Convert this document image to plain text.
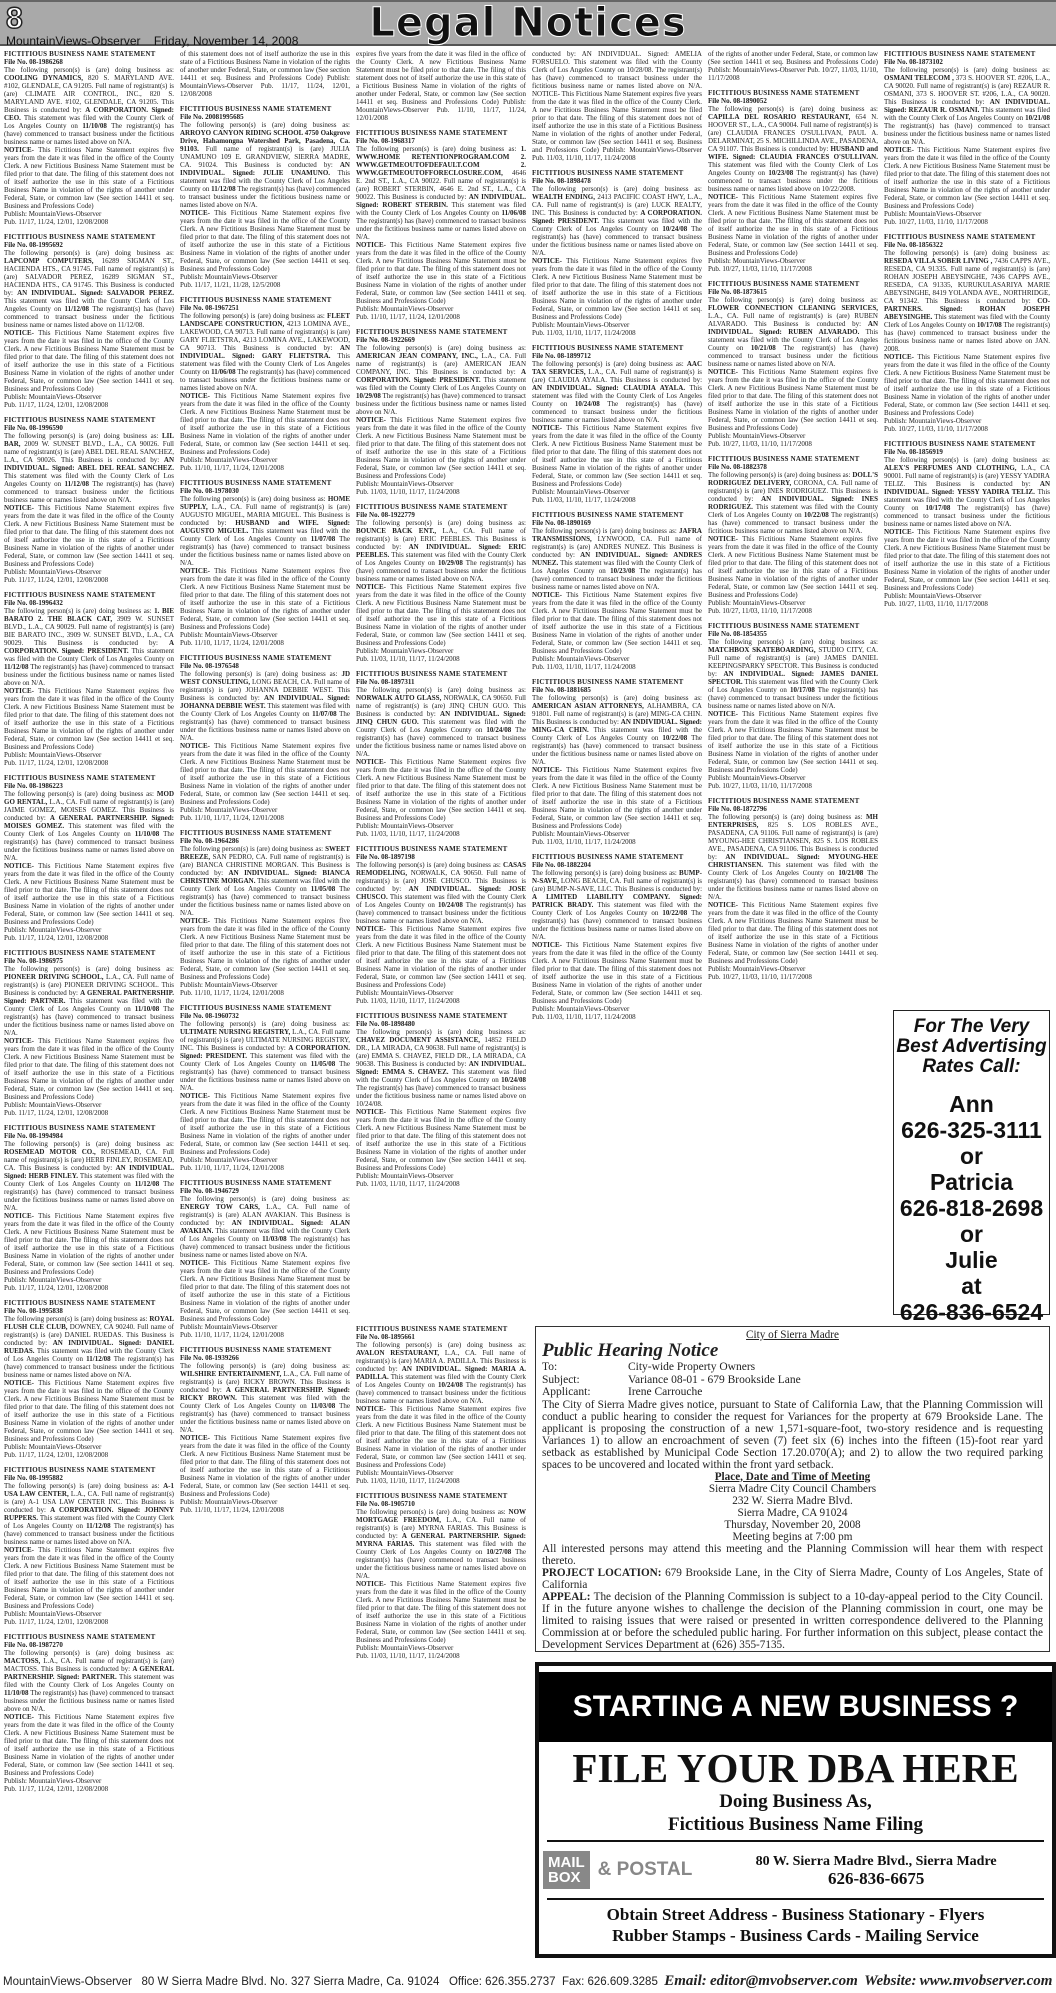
8	Legal Notices
MountainViews-Observer Friday, November 14, 2008
FICTITIOUS BUSINESS NAME STATEMENT
File No. 08-1986268

The following person(s) is (are) doing business as: COOLING DYNAMICS, 820 S. MARYLAND AVE. #102, GLENDALE, CA 91205. Full name of registrant(s) is (are) CLIMATE AIR CONTROL, INC., 820 S. MARYLAND AVE. #102, GLENDALE, CA 91205. This Business is conducted by: A CORPORATION. Signed: CEO. This statement was filed with the County Clerk of Los Angeles County on 11/10/08 The registrant(s) has (have) commenced to transact business under the fictitious business name or names listed above on N/A.

NOTICE- This Fictitious Name Statement expires five years from the date it was filed in the office of the County Clerk. A new Fictitious Business Name Statement must be filed prior to that date. The filing of this statement does not of itself authorize the use in this state of a Fictitious Business Name in violation of the rights of another under Federal, State, or common law (See section 14411 et seq. Business and Professions Code)

Publish: MountainViews-Observer
Pub. 11/17, 11/24, 12/01, 12/08/2008
FICTITIOUS BUSINESS NAME STATEMENT
File No. 08-1995692

The following person(s) is (are) doing business as: LAPCOMP COMPUTERS, 16289 SIGMAN ST., HACIENDA HTS., CA 91745. Full name of registrant(s) is (are) SALVADOR PEREZ, 16289 SIGMAN ST., HACIENDA HTS., CA 91745. This Business is conducted by: AN INDIVIDUAL. Signed: SALVADOR PEREZ. This statement was filed with the County Clerk of Los Angeles County on 11/12/08 The registrant(s) has (have) commenced to transact business under the fictitious business name or names listed above on 11/12/08.

NOTICE- This Fictitious Name Statement expires five years from the date it was filed in the office of the County Clerk. A new Fictitious Business Name Statement must be filed prior to that date. The filing of this statement does not of itself authorize the use in this state of a Fictitious Business Name in violation of the rights of another under Federal, State, or common law (See section 14411 et seq. Business and Professions Code)

Publish: MountainViews-Observer
Pub. 11/17, 11/24, 12/01, 12/08/2008
FICTITIOUS BUSINESS NAME STATEMENT
File No. 08-1996590

The following person(s) is (are) doing business as: LIL BAR, 2009 W. SUNSET BLVD., L.A., CA 90026. Full name of registrant(s) is (are) ABEL DEL REAL SANCHEZ, L.A., CA 90026. This Business is conducted by: AN INDIVIDUAL. Signed: ABEL DEL REAL SANCHEZ. This statement was filed with the County Clerk of Los Angeles County on 11/12/08 The registrant(s) has (have) commenced to transact business under the fictitious business name or names listed above on N/A.

NOTICE- This Fictitious Name Statement expires five years from the date it was filed in the office of the County Clerk. A new Fictitious Business Name Statement must be filed prior to that date. The filing of this statement does not of itself authorize the use in this state of a Fictitious Business Name in violation of the rights of another under Federal, State, or common law (See section 14411 et seq. Business and Professions Code)

Publish: MountainViews-Observer
Pub. 11/17, 11/24, 12/01, 12/08/2008
FICTITIOUS BUSINESS NAME STATEMENT
File No. 08-1996432

The following person(s) is (are) doing business as: 1. BIE BARATO 2. THE BLACK CAT, 3909 W. SUNSET BLVD., L.A., CA 90029. Full name of registrant(s) is (are) BIE BARATO INC., 3909 W. SUNSET BLVD., L.A., CA 90029. This Business is conducted by: A CORPORATION. Signed: PRESIDENT. This statement was filed with the County Clerk of Los Angeles County on 11/12/08 The registrant(s) has (have) commenced to transact business under the fictitious business name or names listed above on N/A.

NOTICE- This Fictitious Name Statement expires five years from the date it was filed in the office of the County Clerk. A new Fictitious Business Name Statement must be filed prior to that date. The filing of this statement does not of itself authorize the use in this state of a Fictitious Business Name in violation of the rights of another under Federal, State, or common law (See section 14411 et seq. Business and Professions Code)

Publish: MountainViews-Observer
Pub. 11/17, 11/24, 12/01, 12/08/2008
FICTITIOUS BUSINESS NAME STATEMENT
File No. 08-1986223

The following person(s) is (are) doing business as: MOD GO RENTAL, L.A., CA. Full name of registrant(s) is (are) JAIME GOMEZ, MOISES GOMEZ. This Business is conducted by: A GENERAL PARTNERSHIP. Signed: MOISES GOMEZ. This statement was filed with the County Clerk of Los Angeles County on 11/10/08 The registrant(s) has (have) commenced to transact business under the fictitious business name or names listed above on N/A.

NOTICE- This Fictitious Name Statement expires five years from the date it was filed in the office of the County Clerk. A new Fictitious Business Name Statement must be filed prior to that date. The filing of this statement does not of itself authorize the use in this state of a Fictitious Business Name in violation of the rights of another under Federal, State, or common law (See section 14411 et seq. Business and Professions Code)

Publish: MountainViews-Observer
Pub. 11/17, 11/24, 12/01, 12/08/2008
FICTITIOUS BUSINESS NAME STATEMENT
File No. 08-1986975

The following person(s) is (are) doing business as: PIONEER DRIVING SCHOOL, L.A., CA. Full name of registrant(s) is (are) PIONEER DRIVING SCHOOL. This Business is conducted by: A GENERAL PARTNERSHIP. Signed: PARTNER. This statement was filed with the County Clerk of Los Angeles County on 11/10/08 The registrant(s) has (have) commenced to transact business under the fictitious business name or names listed above on N/A.

NOTICE- This Fictitious Name Statement expires five years from the date it was filed in the office of the County Clerk. A new Fictitious Business Name Statement must be filed prior to that date. The filing of this statement does not of itself authorize the use in this state of a Fictitious Business Name in violation of the rights of another under Federal, State, or common law (See section 14411 et seq. Business and Professions Code)

Publish: MountainViews-Observer
Pub. 11/17, 11/24, 12/01, 12/08/2008
FICTITIOUS BUSINESS NAME STATEMENT
File No. 08-1994984

The following person(s) is (are) doing business as: ROSEMEAD MOTOR CO., ROSEMEAD, CA. Full name of registrant(s) is (are) HERB FINLEY, ROSEMEAD, CA. This Business is conducted by: AN INDIVIDUAL. Signed: HERB FINLEY. This statement was filed with the County Clerk of Los Angeles County on 11/12/08 The registrant(s) has (have) commenced to transact business under the fictitious business name or names listed above on N/A.

NOTICE- This Fictitious Name Statement expires five years from the date it was filed in the office of the County Clerk. A new Fictitious Business Name Statement must be filed prior to that date. The filing of this statement does not of itself authorize the use in this state of a Fictitious Business Name in violation of the rights of another under Federal, State, or common law (See section 14411 et seq. Business and Professions Code)

Publish: MountainViews-Observer
Pub. 11/17, 11/24, 12/01, 12/08/2008
FICTITIOUS BUSINESS NAME STATEMENT
File No. 08-1995838

The following person(s) is (are) doing business as: ROYAL FLUSH CLE CLUB, DOWNEY, CA 90240. Full name of registrant(s) is (are) DANIEL RUEDAS. This Business is conducted by: AN INDIVIDUAL. Signed: DANIEL RUEDAS. This statement was filed with the County Clerk of Los Angeles County on 11/12/08 The registrant(s) has (have) commenced to transact business under the fictitious business name or names listed above on N/A.

NOTICE- This Fictitious Name Statement expires five years from the date it was filed in the office of the County Clerk. A new Fictitious Business Name Statement must be filed prior to that date. The filing of this statement does not of itself authorize the use in this state of a Fictitious Business Name in violation of the rights of another under Federal, State, or common law (See section 14411 et seq. Business and Professions Code)

Publish: MountainViews-Observer
Pub. 11/17, 11/24, 12/01, 12/08/2008
FICTITIOUS BUSINESS NAME STATEMENT
File No. 08-1995882

The following person(s) is (are) doing business as: A-1 USA LAW CENTER, L.A., CA. Full name of registrant(s) is (are) A-1 USA LAW CENTER INC. This Business is conducted by: A CORPORATION. Signed: JOHNNY RUPPERS. This statement was filed with the County Clerk of Los Angeles County on 11/12/08 The registrant(s) has (have) commenced to transact business under the fictitious business name or names listed above on N/A.

NOTICE- This Fictitious Name Statement expires five years from the date it was filed in the office of the County Clerk. A new Fictitious Business Name Statement must be filed prior to that date. The filing of this statement does not of itself authorize the use in this state of a Fictitious Business Name in violation of the rights of another under Federal, State, or common law (See section 14411 et seq. Business and Professions Code)

Publish: MountainViews-Observer
Pub. 11/17, 11/24, 12/01, 12/08/2008
FICTITIOUS BUSINESS NAME STATEMENT
File No. 08-1987270

The following person(s) is (are) doing business as: MACTOSS, L.A., CA. Full name of registrant(s) is (are) MACTOSS. This Business is conducted by: A GENERAL PARTNERSHIP. Signed: PARTNER. This statement was filed with the County Clerk of Los Angeles County on 11/10/08 The registrant(s) has (have) commenced to transact business under the fictitious business name or names listed above on N/A.

NOTICE- This Fictitious Name Statement expires five years from the date it was filed in the office of the County Clerk. A new Fictitious Business Name Statement must be filed prior to that date. The filing of this statement does not of itself authorize the use in this state of a Fictitious Business Name in violation of the rights of another under Federal, State, or common law (See section 14411 et seq. Business and Professions Code)

Publish: MountainViews-Observer
Pub. 11/17, 11/24, 12/01, 12/08/2008

of this statement does not of itself authorize the use in this state of a Fictitious Business Name in violation of the rights of another under Federal, State, or common law (See section 14411 et seq. Business and Professions Code) Publish: MountainViews-Observer Pub. 11/17, 11/24, 12/01, 12/08/2008

FICTITIOUS BUSINESS NAME STATEMENT
File No. 20081995685

The following person(s) is (are) doing business as: ARROYO CANYON RIDING SCHOOL 4750 Oakgrove Drive, Hahamongna Watershed Park, Pasadena, Ca. 91103. Full name of registrant(s) is (are) JULIA UNAMUNO 109 E. GRANDVIEW, SIERRA MADRE, CA. 91024. This Business is conducted by: AN INDIVIDUAL. Signed: JULIE UNAMUNO. This statement was filed with the County Clerk of Los Angeles County on 11/12/08 The registrant(s) has (have) commenced to transact business under the fictitious business name or names listed above on N/A.

NOTICE- This Fictitious Name Statement expires five years from the date it was filed in the office of the County Clerk. A new Fictitious Business Name Statement must be filed prior to that date. The filing of this statement does not of itself authorize the use in this state of a Fictitious Business Name in violation of the rights of another under Federal, State, or common law (See section 14411 et seq. Business and Professions Code)

Publish: MountainViews-Observer
Pub. 11/17, 11/21, 11/28, 12/5/2008
FICTITIOUS BUSINESS NAME STATEMENT
File No. 08-1967251

The following person(s) is (are) doing business as: FLEET LANDSCAPE CONSTRUCTION, 4213 LOMINA AVE., LAKEWOOD, CA 90713. Full name of registrant(s) is (are) GARY FLIETSTRA, 4213 LOMINA AVE., LAKEWOOD, CA 90713. This Business is conducted by: AN INDIVIDUAL. Signed: GARY FLIETSTRA. This statement was filed with the County Clerk of Los Angeles County on 11/06/08 The registrant(s) has (have) commenced to transact business under the fictitious business name or names listed above on N/A.

NOTICE- This Fictitious Name Statement expires five years from the date it was filed in the office of the County Clerk. A new Fictitious Business Name Statement must be filed prior to that date. The filing of this statement does not of itself authorize the use in this state of a Fictitious Business Name in violation of the rights of another under Federal, State, or common law (See section 14411 et seq. Business and Professions Code)

Publish: MountainViews-Observer
Pub. 11/10, 11/17, 11/24, 12/01/2008
FICTITIOUS BUSINESS NAME STATEMENT
File No. 08-1978030

The following person(s) is (are) doing business as: HOME SUPPLY, L.A., CA. Full name of registrant(s) is (are) AUGUSTO MIGUEL, MARIA MIGUEL. This Business is conducted by: HUSBAND and WIFE. Signed: AUGUSTO MIGUEL. This statement was filed with the County Clerk of Los Angeles County on 11/07/08 The registrant(s) has (have) commenced to transact business under the fictitious business name or names listed above on N/A.

NOTICE- This Fictitious Name Statement expires five years from the date it was filed in the office of the County Clerk. A new Fictitious Business Name Statement must be filed prior to that date. The filing of this statement does not of itself authorize the use in this state of a Fictitious Business Name in violation of the rights of another under Federal, State, or common law (See section 14411 et seq. Business and Professions Code)

Publish: MountainViews-Observer
Pub. 11/10, 11/17, 11/24, 12/01/2008
FICTITIOUS BUSINESS NAME STATEMENT
File No. 08-1976548

The following person(s) is (are) doing business as: JD WEST CONSULTING, LONG BEACH, CA. Full name of registrant(s) is (are) JOHANNA DEBBIE WEST. This Business is conducted by: AN INDIVIDUAL. Signed: JOHANNA DEBBIE WEST. This statement was filed with the County Clerk of Los Angeles County on 11/07/08 The registrant(s) has (have) commenced to transact business under the fictitious business name or names listed above on N/A.

NOTICE- This Fictitious Name Statement expires five years from the date it was filed in the office of the County Clerk. A new Fictitious Business Name Statement must be filed prior to that date. The filing of this statement does not of itself authorize the use in this state of a Fictitious Business Name in violation of the rights of another under Federal, State, or common law (See section 14411 et seq. Business and Professions Code)

Publish: MountainViews-Observer
Pub. 11/10, 11/17, 11/24, 12/01/2008
FICTITIOUS BUSINESS NAME STATEMENT
File No. 08-1964286

The following person(s) is (are) doing business as: SWEET BREEZE, SAN PEDRO, CA. Full name of registrant(s) is (are) BIANCA CHRISTINE MORGAN. This Business is conducted by: AN INDIVIDUAL. Signed: BIANCA CHRISTINE MORGAN. This statement was filed with the County Clerk of Los Angeles County on 11/05/08 The registrant(s) has (have) commenced to transact business under the fictitious business name or names listed above on N/A.

NOTICE- This Fictitious Name Statement expires five years from the date it was filed in the office of the County Clerk. A new Fictitious Business Name Statement must be filed prior to that date. The filing of this statement does not of itself authorize the use in this state of a Fictitious Business Name in violation of the rights of another under Federal, State, or common law (See section 14411 et seq. Business and Professions Code)

Publish: MountainViews-Observer
Pub. 11/10, 11/17, 11/24, 12/01/2008
FICTITIOUS BUSINESS NAME STATEMENT
File No. 08-1960732

The following person(s) is (are) doing business as: ULTIMATE NURSING REGISTRY, L.A., CA. Full name of registrant(s) is (are) ULTIMATE NURSING REGISTRY, INC. This Business is conducted by: A CORPORATION. Signed: PRESIDENT. This statement was filed with the County Clerk of Los Angeles County on 11/05/08 The registrant(s) has (have) commenced to transact business under the fictitious business name or names listed above on N/A.

NOTICE- This Fictitious Name Statement expires five years from the date it was filed in the office of the County Clerk. A new Fictitious Business Name Statement must be filed prior to that date. The filing of this statement does not of itself authorize the use in this state of a Fictitious Business Name in violation of the rights of another under Federal, State, or common law (See section 14411 et seq. Business and Professions Code)

Publish: MountainViews-Observer
Pub. 11/10, 11/17, 11/24, 12/01/2008
FICTITIOUS BUSINESS NAME STATEMENT
File No. 08-1946729

The following person(s) is (are) doing business as: ENERGY TOW CARS, L.A., CA. Full name of registrant(s) is (are) ALAN AVAKIAN. This Business is conducted by: AN INDIVIDUAL. Signed: ALAN AVAKIAN. This statement was filed with the County Clerk of Los Angeles County on 11/03/08 The registrant(s) has (have) commenced to transact business under the fictitious business name or names listed above on N/A.

NOTICE- This Fictitious Name Statement expires five years from the date it was filed in the office of the County Clerk. A new Fictitious Business Name Statement must be filed prior to that date. The filing of this statement does not of itself authorize the use in this state of a Fictitious Business Name in violation of the rights of another under Federal, State, or common law (See section 14411 et seq. Business and Professions Code)

Publish: MountainViews-Observer
Pub. 11/10, 11/17, 11/24, 12/01/2008
FICTITIOUS BUSINESS NAME STATEMENT
File No. 08-1939266

The following person(s) is (are) doing business as: WILSHIRE ENTERTAINMENT, L.A., CA. Full name of registrant(s) is (are) RICKY BROWN. This Business is conducted by: A GENERAL PARTNERSHIP. Signed: RICKY BROWN. This statement was filed with the County Clerk of Los Angeles County on 11/03/08 The registrant(s) has (have) commenced to transact business under the fictitious business name or names listed above on N/A.

NOTICE- This Fictitious Name Statement expires five years from the date it was filed in the office of the County Clerk. A new Fictitious Business Name Statement must be filed prior to that date. The filing of this statement does not of itself authorize the use in this state of a Fictitious Business Name in violation of the rights of another under Federal, State, or common law (See section 14411 et seq. Business and Professions Code)

Publish: MountainViews-Observer
Pub. 11/10, 11/17, 11/24, 12/01/2008

expires five years from the date it was filed in the office of the County Clerk. A new Fictitious Business Name Statement must be filed prior to that date. The filing of this statement does not of itself authorize the use in this state of a Fictitious Business Name in violation of the rights of another under Federal, State, or common law (See section 14411 et seq. Business and Professions Code) Publish: MountainViews-Observer Pub. 11/10, 11/17, 11/24, 12/01/2008

FICTITIOUS BUSINESS NAME STATEMENT
File No. 08-1968317

The following person(s) is (are) doing business as: 1. WWW.HOME RETENTIONPROGRAM.COM 2. WWW.GETMEOUTOFDEFAULT.COM 2. WWW.GETMEOUTOFFORECLOSURE.COM, 4646 E. 2nd ST., L.A., CA 90022. Full name of registrant(s) is (are) ROBERT STERBIN, 4646 E. 2nd ST., L.A., CA 90022. This Business is conducted by: AN INDIVIDUAL. Signed: ROBERT STERBIN. This statement was filed with the County Clerk of Los Angeles County on 11/06/08 The registrant(s) has (have) commenced to transact business under the fictitious business name or names listed above on N/A.

NOTICE- This Fictitious Name Statement expires five years from the date it was filed in the office of the County Clerk. A new Fictitious Business Name Statement must be filed prior to that date. The filing of this statement does not of itself authorize the use in this state of a Fictitious Business Name in violation of the rights of another under Federal, State, or common law (See section 14411 et seq. Business and Professions Code)

Publish: MountainViews-Observer
Pub. 11/10, 11/17, 11/24, 12/01/2008
FICTITIOUS BUSINESS NAME STATEMENT
File No. 08-1922669

The following person(s) is (are) doing business as: AMERICAN JEAN COMPANY, INC., L.A., CA. Full name of registrant(s) is (are) AMERICAN JEAN COMPANY, INC. This Business is conducted by: A CORPORATION. Signed: PRESIDENT. This statement was filed with the County Clerk of Los Angeles County on 10/29/08 The registrant(s) has (have) commenced to transact business under the fictitious business name or names listed above on N/A.

NOTICE- This Fictitious Name Statement expires five years from the date it was filed in the office of the County Clerk. A new Fictitious Business Name Statement must be filed prior to that date. The filing of this statement does not of itself authorize the use in this state of a Fictitious Business Name in violation of the rights of another under Federal, State, or common law (See section 14411 et seq. Business and Professions Code)

Publish: MountainViews-Observer
Pub. 11/03, 11/10, 11/17, 11/24/2008
FICTITIOUS BUSINESS NAME STATEMENT
File No. 08-1922779

The following person(s) is (are) doing business as: BOUNCE BACK ENT., L.A., CA. Full name of registrant(s) is (are) ERIC PEEBLES. This Business is conducted by: AN INDIVIDUAL. Signed: ERIC PEEBLES. This statement was filed with the County Clerk of Los Angeles County on 10/29/08 The registrant(s) has (have) commenced to transact business under the fictitious business name or names listed above on N/A.

NOTICE- This Fictitious Name Statement expires five years from the date it was filed in the office of the County Clerk. A new Fictitious Business Name Statement must be filed prior to that date. The filing of this statement does not of itself authorize the use in this state of a Fictitious Business Name in violation of the rights of another under Federal, State, or common law (See section 14411 et seq. Business and Professions Code)

Publish: MountainViews-Observer
Pub. 11/03, 11/10, 11/17, 11/24/2008
FICTITIOUS BUSINESS NAME STATEMENT
File No. 08-1897311

The following person(s) is (are) doing business as: NORWALK AUTO GLASS, NORWALK, CA 90650. Full name of registrant(s) is (are) JINQ CHUN GUO. This Business is conducted by: AN INDIVIDUAL. Signed: JINQ CHUN GUO. This statement was filed with the County Clerk of Los Angeles County on 10/24/08 The registrant(s) has (have) commenced to transact business under the fictitious business name or names listed above on N/A.

NOTICE- This Fictitious Name Statement expires five years from the date it was filed in the office of the County Clerk. A new Fictitious Business Name Statement must be filed prior to that date. The filing of this statement does not of itself authorize the use in this state of a Fictitious Business Name in violation of the rights of another under Federal, State, or common law (See section 14411 et seq. Business and Professions Code)

Publish: MountainViews-Observer
Pub. 11/03, 11/10, 11/17, 11/24/2008
FICTITIOUS BUSINESS NAME STATEMENT
File No. 08-1897198

The following person(s) is (are) doing business as: CASAS REMODELING, NORWALK, CA 90650. Full name of registrant(s) is (are) JOSE CHUSCO. This Business is conducted by: AN INDIVIDUAL. Signed: JOSE CHUSCO. This statement was filed with the County Clerk of Los Angeles County on 10/24/08 The registrant(s) has (have) commenced to transact business under the fictitious business name or names listed above on N/A.

NOTICE- This Fictitious Name Statement expires five years from the date it was filed in the office of the County Clerk. A new Fictitious Business Name Statement must be filed prior to that date. The filing of this statement does not of itself authorize the use in this state of a Fictitious Business Name in violation of the rights of another under Federal, State, or common law (See section 14411 et seq. Business and Professions Code)

Publish: MountainViews-Observer
Pub. 11/03, 11/10, 11/17, 11/24/2008
FICTITIOUS BUSINESS NAME STATEMENT
File No. 08-1898480

The following person(s) is (are) doing business as: CHAVEZ DOCUMENT ASSISTANCE, 14852 FIELD DR., LA MIRADA, CA 90638. Full name of registrant(s) is (are) EMMA S. CHAVEZ, FIELD DR., LA MIRADA, CA 90638. This Business is conducted by: AN INDIVIDUAL. Signed: EMMA S. CHAVEZ. This statement was filed with the County Clerk of Los Angeles County on 10/24/08 The registrant(s) has (have) commenced to transact business under the fictitious business name or names listed above on 10/24/08.

NOTICE- This Fictitious Name Statement expires five years from the date it was filed in the office of the County Clerk. A new Fictitious Business Name Statement must be filed prior to that date. The filing of this statement does not of itself authorize the use in this state of a Fictitious Business Name in violation of the rights of another under Federal, State, or common law (See section 14411 et seq. Business and Professions Code)

Publish: MountainViews-Observer
Pub. 11/03, 11/10, 11/17, 11/24/2008

conducted by: AN INDIVIDUAL. Signed: AMELIA FORSUELO. This statement was filed with the County Clerk of Los Angeles County on 10/28/08. The registrant(s) has (have) commenced to transact business under the fictitious business name or names listed above on N/A. NOTICE- This Fictitious Name Statement expires five years from the date it was filed in the office of the County Clerk. A new Fictitious Business Name Statement must be filed prior to that date. The filing of this statement does not of itself authorize the use in this state of a Fictitious Business Name in violation of the rights of another under Federal, State, or common law (See section 14411 et seq. Business and Professions Code) Publish: MountainViews-Observer Pub. 11/03, 11/10, 11/17, 11/24/2008

FICTITIOUS BUSINESS NAME STATEMENT
File No. 08-1898478

The following person(s) is (are) doing business as: WEALTH ENDING, 2413 PACIFIC COAST HWY, L.A., CA. Full name of registrant(s) is (are) LUCK REALTY, INC. This Business is conducted by: A CORPORATION. Signed: PRESIDENT. This statement was filed with the County Clerk of Los Angeles County on 10/24/08 The registrant(s) has (have) commenced to transact business under the fictitious business name or names listed above on N/A.

NOTICE- This Fictitious Name Statement expires five years from the date it was filed in the office of the County Clerk. A new Fictitious Business Name Statement must be filed prior to that date. The filing of this statement does not of itself authorize the use in this state of a Fictitious Business Name in violation of the rights of another under Federal, State, or common law (See section 14411 et seq. Business and Professions Code)

Publish: MountainViews-Observer
Pub. 11/03, 11/10, 11/17, 11/24/2008
FICTITIOUS BUSINESS NAME STATEMENT
File No. 08-1899712

The following person(s) is (are) doing business as: AAC TAX SERVICES, L.A., CA. Full name of registrant(s) is (are) CLAUDIA AYALA. This Business is conducted by: AN INDIVIDUAL. Signed: CLAUDIA AYALA. This statement was filed with the County Clerk of Los Angeles County on 10/24/08 The registrant(s) has (have) commenced to transact business under the fictitious business name or names listed above on N/A.

NOTICE- This Fictitious Name Statement expires five years from the date it was filed in the office of the County Clerk. A new Fictitious Business Name Statement must be filed prior to that date. The filing of this statement does not of itself authorize the use in this state of a Fictitious Business Name in violation of the rights of another under Federal, State, or common law (See section 14411 et seq. Business and Professions Code)

Publish: MountainViews-Observer
Pub. 11/03, 11/10, 11/17, 11/24/2008
FICTITIOUS BUSINESS NAME STATEMENT
File No. 08-1890169

The following person(s) is (are) doing business as: JAFRA TRANSMISSIONS, LYNWOOD, CA. Full name of registrant(s) is (are) ANDRES NUNEZ. This Business is conducted by: AN INDIVIDUAL. Signed: ANDRES NUNEZ. This statement was filed with the County Clerk of Los Angeles County on 10/23/08 The registrant(s) has (have) commenced to transact business under the fictitious business name or names listed above on N/A.

NOTICE- This Fictitious Name Statement expires five years from the date it was filed in the office of the County Clerk. A new Fictitious Business Name Statement must be filed prior to that date. The filing of this statement does not of itself authorize the use in this state of a Fictitious Business Name in violation of the rights of another under Federal, State, or common law (See section 14411 et seq. Business and Professions Code)

Publish: MountainViews-Observer
Pub. 11/03, 11/10, 11/17, 11/24/2008
FICTITIOUS BUSINESS NAME STATEMENT
File No. 08-1881685

The following person(s) is (are) doing business as: AMERICAN ASIAN ATTORNEYS, ALHAMBRA, CA 91801. Full name of registrant(s) is (are) MING-CA CHIN. This Business is conducted by: AN INDIVIDUAL. Signed: MING-CA CHIN. This statement was filed with the County Clerk of Los Angeles County on 10/22/08 The registrant(s) has (have) commenced to transact business under the fictitious business name or names listed above on N/A.

NOTICE- This Fictitious Name Statement expires five years from the date it was filed in the office of the County Clerk. A new Fictitious Business Name Statement must be filed prior to that date. The filing of this statement does not of itself authorize the use in this state of a Fictitious Business Name in violation of the rights of another under Federal, State, or common law (See section 14411 et seq. Business and Professions Code)

Publish: MountainViews-Observer
Pub. 11/03, 11/10, 11/17, 11/24/2008
FICTITIOUS BUSINESS NAME STATEMENT
File No. 08-1882204

The following person(s) is (are) doing business as: BUMP-N-SAVE, LONG BEACH, CA. Full name of registrant(s) is (are) BUMP-N-SAVE, LLC. This Business is conducted by: A LIMITED LIABILITY COMPANY. Signed: PATRICK BRADY. This statement was filed with the County Clerk of Los Angeles County on 10/22/08 The registrant(s) has (have) commenced to transact business under the fictitious business name or names listed above on N/A.

NOTICE- This Fictitious Name Statement expires five years from the date it was filed in the office of the County Clerk. A new Fictitious Business Name Statement must be filed prior to that date. The filing of this statement does not of itself authorize the use in this state of a Fictitious Business Name in violation of the rights of another under Federal, State, or common law (See section 14411 et seq. Business and Professions Code)

Publish: MountainViews-Observer
Pub. 11/03, 11/10, 11/17, 11/24/2008

of the rights of another under Federal, State, or common law (See section 14411 et seq. Business and Professions Code) Publish: MountainViews-Observer Pub. 10/27, 11/03, 11/10, 11/17/2008

FICTITIOUS BUSINESS NAME STATEMENT
File No. 08-1890052

The following person(s) is (are) doing business as: CAPILLA DEL ROSARIO RESTAURANT, 654 N. HOOVER ST., L.A., CA 90004. Full name of registrant(s) is (are) CLAUDIA FRANCES O'SULLIVAN, PAUL A. DELARMINAT, 25 S. MICHILLINDA AVE., PASADENA, CA 91107. This Business is conducted by: HUSBAND and WIFE. Signed: CLAUDIA FRANCES O'SULLIVAN. This statement was filed with the County Clerk of Los Angeles County on 10/23/08 The registrant(s) has (have) commenced to transact business under the fictitious business name or names listed above on 10/22/2008.

NOTICE- This Fictitious Name Statement expires five years from the date it was filed in the office of the County Clerk. A new Fictitious Business Name Statement must be filed prior to that date. The filing of this statement does not of itself authorize the use in this state of a Fictitious Business Name in violation of the rights of another under Federal, State, or common law (See section 14411 et seq. Business and Professions Code)

Publish: MountainViews-Observer
Pub. 10/27, 11/03, 11/10, 11/17/2008
FICTITIOUS BUSINESS NAME STATEMENT
File No. 08-1873615

The following person(s) is (are) doing business as: FLOWER CONNECTION CLEANING SERVICES, L.A., CA. Full name of registrant(s) is (are) RUBEN ALVARADO. This Business is conducted by: AN INDIVIDUAL. Signed: RUBEN ALVARADO. This statement was filed with the County Clerk of Los Angeles County on 10/21/08 The registrant(s) has (have) commenced to transact business under the fictitious business name or names listed above on N/A.

NOTICE- This Fictitious Name Statement expires five years from the date it was filed in the office of the County Clerk. A new Fictitious Business Name Statement must be filed prior to that date. The filing of this statement does not of itself authorize the use in this state of a Fictitious Business Name in violation of the rights of another under Federal, State, or common law (See section 14411 et seq. Business and Professions Code)

Publish: MountainViews-Observer
Pub. 10/27, 11/03, 11/10, 11/17/2008
FICTITIOUS BUSINESS NAME STATEMENT
File No. 08-1882378

The following person(s) is (are) doing business as: DOLL'S RODRIGUEZ DELIVERY, CORONA, CA. Full name of registrant(s) is (are) INES RODRIGUEZ. This Business is conducted by: AN INDIVIDUAL. Signed: INES RODRIGUEZ. This statement was filed with the County Clerk of Los Angeles County on 10/22/08 The registrant(s) has (have) commenced to transact business under the fictitious business name or names listed above on N/A.

NOTICE- This Fictitious Name Statement expires five years from the date it was filed in the office of the County Clerk. A new Fictitious Business Name Statement must be filed prior to that date. The filing of this statement does not of itself authorize the use in this state of a Fictitious Business Name in violation of the rights of another under Federal, State, or common law (See section 14411 et seq. Business and Professions Code)

Publish: MountainViews-Observer
Pub. 10/27, 11/03, 11/10, 11/17/2008
FICTITIOUS BUSINESS NAME STATEMENT
File No. 08-1854355

The following person(s) is (are) doing business as: MATCHBOX SKATEBOARDING, STUDIO CITY, CA. Full name of registrant(s) is (are) JAMES DANIEL KEEPINGSPARKY SPECTOR. This Business is conducted by: AN INDIVIDUAL. Signed: JAMES DANIEL SPECTOR. This statement was filed with the County Clerk of Los Angeles County on 10/17/08 The registrant(s) has (have) commenced to transact business under the fictitious business name or names listed above on N/A.

NOTICE- This Fictitious Name Statement expires five years from the date it was filed in the office of the County Clerk. A new Fictitious Business Name Statement must be filed prior to that date. The filing of this statement does not of itself authorize the use in this state of a Fictitious Business Name in violation of the rights of another under Federal, State, or common law (See section 14411 et seq. Business and Professions Code)

Publish: MountainViews-Observer
Pub. 10/27, 11/03, 11/10, 11/17/2008
FICTITIOUS BUSINESS NAME STATEMENT
File No. 08-1872796

The following person(s) is (are) doing business as: MH ENTERPRISES, 825 S. LOS ROBLES AVE., PASADENA, CA 91106. Full name of registrant(s) is (are) MYOUNG-HEE CHRISTIANSEN, 825 S. LOS ROBLES AVE., PASADENA, CA 91106. This Business is conducted by: AN INDIVIDUAL. Signed: MYOUNG-HEE CHRISTIANSEN. This statement was filed with the County Clerk of Los Angeles County on 10/21/08 The registrant(s) has (have) commenced to transact business under the fictitious business name or names listed above on N/A.

NOTICE- This Fictitious Name Statement expires five years from the date it was filed in the office of the County Clerk. A new Fictitious Business Name Statement must be filed prior to that date. The filing of this statement does not of itself authorize the use in this state of a Fictitious Business Name in violation of the rights of another under Federal, State, or common law (See section 14411 et seq. Business and Professions Code)

Publish: MountainViews-Observer
Pub. 10/27, 11/03, 11/10, 11/17/2008
FICTITIOUS BUSINESS NAME STATEMENT
File No. 08-1873102

The following person(s) is (are) doing business as: OSMANI TELECOM , 373 S. HOOVER ST. #206, L.A., CA 90020. Full name of registrant(s) is (are) REZAUR R. OSMANI, 373 S. HOOVER ST. #206, L.A., CA 90020. This Business is conducted by: AN INDIVIDUAL. Signed: REZAUR R. OSMANI. This statement was filed with the County Clerk of Los Angeles County on 10/21/08 The registrant(s) has (have) commenced to transact business under the fictitious business name or names listed above on N/A.

NOTICE- This Fictitious Name Statement expires five years from the date it was filed in the office of the County Clerk. A new Fictitious Business Name Statement must be filed prior to that date. The filing of this statement does not of itself authorize the use in this state of a Fictitious Business Name in violation of the rights of another under Federal, State, or common law (See section 14411 et seq. Business and Professions Code)

Publish: MountainViews-Observer
Pub. 10/27, 11/03, 11/10, 11/17/2008
FICTITIOUS BUSINESS NAME STATEMENT
File No. 08-1856322

The following person(s) is (are) doing business as: RESEDA VILLA SOBER LIVING , 7436 CAPPS AVE., RESEDA, CA 91335. Full name of registrant(s) is (are) ROHAN JOSEPH ABEYSINGHE, 7436 CAPPS AVE., RESEDA, CA 91335, KURUKULASARIYA MARIE ABEYSINGHE, 8419 YOLANDA AVE., NORTHRIDGE, CA 91342. This Business is conducted by: CO-PARTNERS. Signed: ROHAN JOSEPH ABEYSINGHE. This statement was filed with the County Clerk of Los Angeles County on 10/17/08 The registrant(s) has (have) commenced to transact business under the fictitious business name or names listed above on JAN. 2008.

NOTICE- This Fictitious Name Statement expires five years from the date it was filed in the office of the County Clerk. A new Fictitious Business Name Statement must be filed prior to that date. The filing of this statement does not of itself authorize the use in this state of a Fictitious Business Name in violation of the rights of another under Federal, State, or common law (See section 14411 et seq. Business and Professions Code)

Publish: MountainViews-Observer
Pub. 10/27, 11/03, 11/10, 11/17/2008
FICTITIOUS BUSINESS NAME STATEMENT
File No. 08-1856919

The following person(s) is (are) doing business as: ALEX'S PERFUMES AND CLOTHING, L.A., CA 90001. Full name of registrant(s) is (are) YESSY YADIRA TELIZ. This Business is conducted by: AN INDIVIDUAL. Signed: YESSY YADIRA TELIZ. This statement was filed with the County Clerk of Los Angeles County on 10/17/08 The registrant(s) has (have) commenced to transact business under the fictitious business name or names listed above on N/A.

NOTICE- This Fictitious Name Statement expires five years from the date it was filed in the office of the County Clerk. A new Fictitious Business Name Statement must be filed prior to that date. The filing of this statement does not of itself authorize the use in this state of a Fictitious Business Name in violation of the rights of another under Federal, State, or common law (See section 14411 et seq. Business and Professions Code)

Publish: MountainViews-Observer
Pub. 10/27, 11/03, 11/10, 11/17/2008
FICTITIOUS BUSINESS NAME STATEMENT
File No. 08-1895661

The following person(s) is (are) doing business as: AVALON RESTAURANT, L.A., CA. Full name of registrant(s) is (are) MARIA A. PADILLA. This Business is conducted by: AN INDIVIDUAL. Signed: MARIA A. PADILLA. This statement was filed with the County Clerk of Los Angeles County on 10/24/08 The registrant(s) has (have) commenced to transact business under the fictitious business name or names listed above on N/A.

NOTICE- This Fictitious Name Statement expires five years from the date it was filed in the office of the County Clerk. A new Fictitious Business Name Statement must be filed prior to that date. The filing of this statement does not of itself authorize the use in this state of a Fictitious Business Name in violation of the rights of another under Federal, State, or common law (See section 14411 et seq. Business and Professions Code)

Publish: MountainViews-Observer
Pub. 11/03, 11/10, 11/17, 11/24/2008
FICTITIOUS BUSINESS NAME STATEMENT
File No. 08-1905710

The following person(s) is (are) doing business as: NOW MORTGAGE FREEDOM, L.A., CA. Full name of registrant(s) is (are) MYRNA FARIAS. This Business is conducted by: A GENERAL PARTNERSHIP. Signed: MYRNA FARIAS. This statement was filed with the County Clerk of Los Angeles County on 10/27/08 The registrant(s) has (have) commenced to transact business under the fictitious business name or names listed above on N/A.

NOTICE- This Fictitious Name Statement expires five years from the date it was filed in the office of the County Clerk. A new Fictitious Business Name Statement must be filed prior to that date. The filing of this statement does not of itself authorize the use in this state of a Fictitious Business Name in violation of the rights of another under Federal, State, or common law (See section 14411 et seq. Business and Professions Code)

Publish: MountainViews-Observer
Pub. 11/03, 11/10, 11/17, 11/24/2008
For The Very Best Advertising Rates Call:
Ann
626-325-3111
or
Patricia
626-818-2698
or
Julie
at
626-836-6524
City of Sierra Madre
Public Hearing Notice
To:	City-wide Property Owners
Subject:	Variance 08-01 - 679 Brookside Lane
Applicant:	Irene Carrouche

The City of Sierra Madre gives notice, pursuant to State of California Law, that the Planning Commission will conduct a public hearing to consider the request for Variances for the property at 679 Brookside Lane. The applicant is proposing the construction of a new 1,571-square-foot, two-story residence and is requesting Variances 1) to allow an encroachment of seven (7) feet six (6) inches into the fifteen (15)-foot rear yard setback as established by Municipal Code Section 17.20.070(A); and 2) to allow the two required parking spaces to be uncovered and located within the front yard setback.

Place, Date and Time of Meeting
Sierra Madre City Council Chambers
232 W. Sierra Madre Blvd.
Sierra Madre, CA 91024
Thursday, November 20, 2008
Meeting begins at 7:00 pm

All interested persons may attend this meeting and the Planning Commission will hear them with respect thereto.

PROJECT LOCATION: 679 Brookside Lane, in the City of Sierra Madre, County of Los Angeles, State of California

APPEAL: The decision of the Planning Commission is subject to a 10-day-appeal period to the City Council. If in the future anyone wishes to challenge the decision of the Planning commission in court, one may be limited to raising issues that were raised or presented in written correspondence delivered to the Planning Commission at or before the scheduled public haring. For further information on this subject, please contact the Development Services Department at (626) 355-7135.

STARTING A NEW BUSINESS ?
FILE YOUR DBA HERE
Doing Business As,
Fictitious Business Name Filing
MAIL
BOX & POSTAL	80 W. Sierra Madre Blvd., Sierra Madre
626-836-6675
Obtain Street Address - Business Stationary - Flyers
Rubber Stamps - Business Cards - Mailing Service
MountainViews-Observer 80 W Sierra Madre Blvd. No. 327 Sierra Madre, Ca. 91024 Office: 626.355.2737 Fax: 626.609.3285 Email: editor@mvobserver.com Website: www.mvobserver.com
